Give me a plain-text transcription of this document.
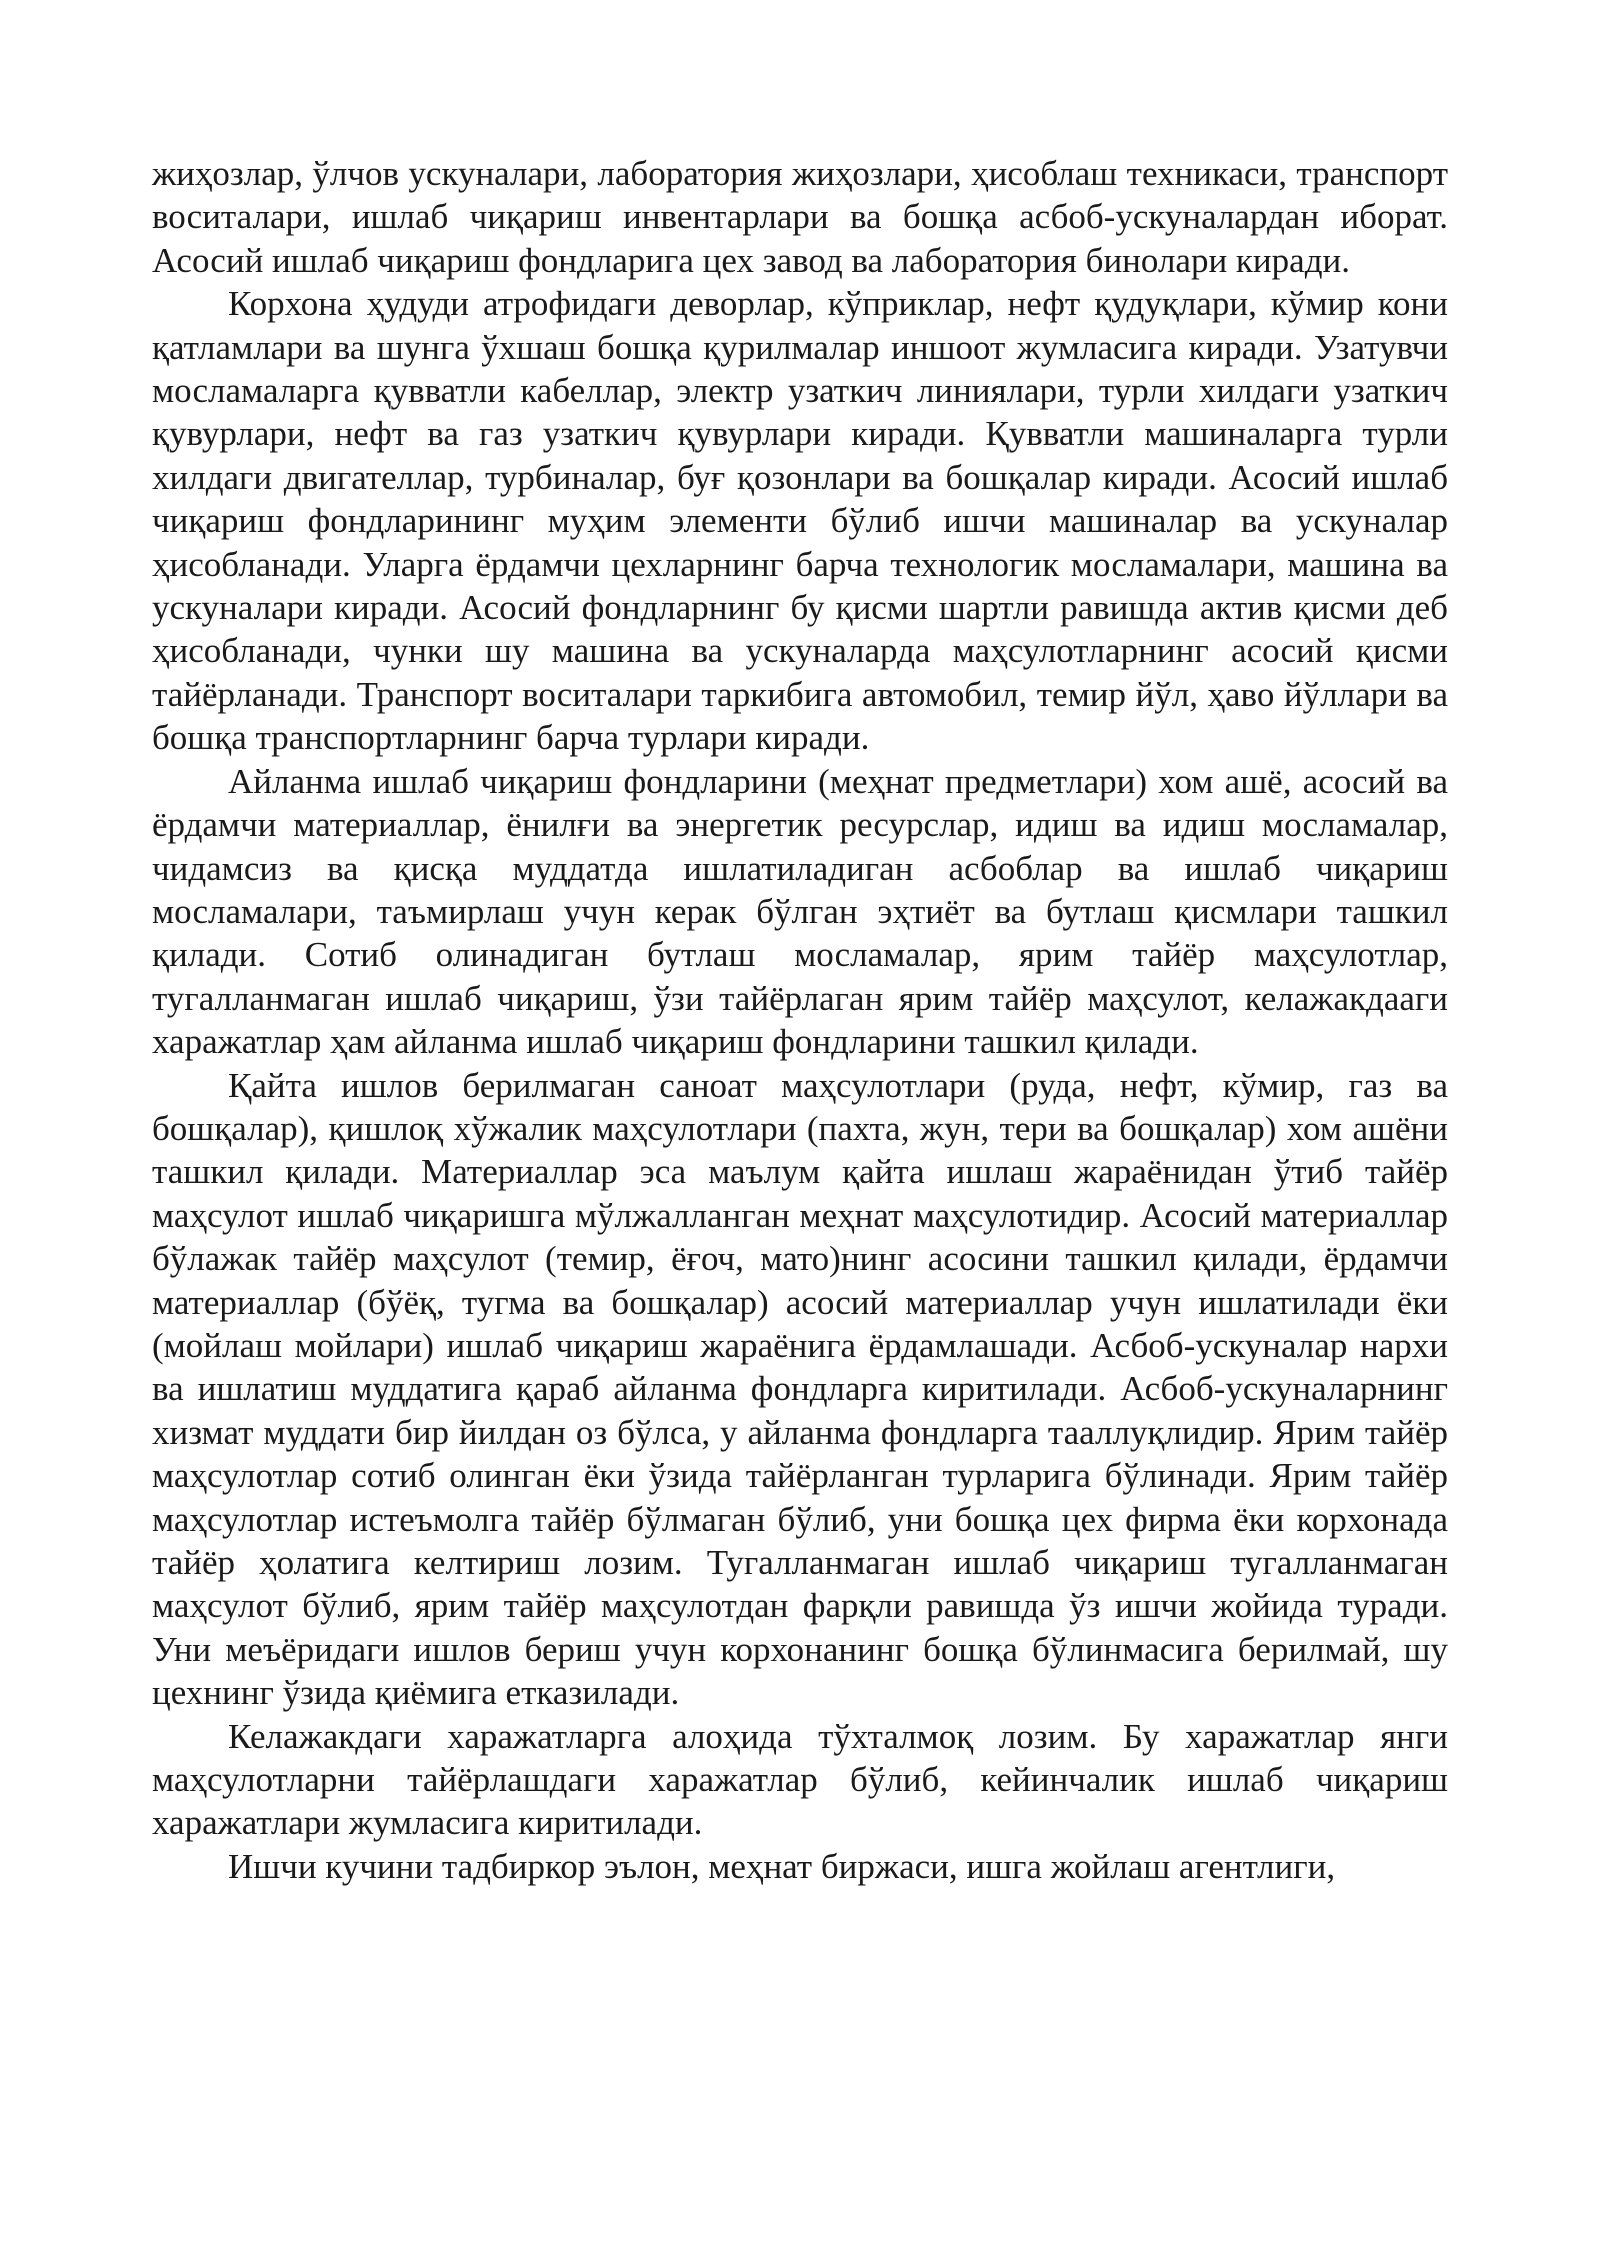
жиҳозлар, ўлчов ускуналари, лаборатория жиҳозлари, ҳисоблаш техникаси, транспорт воситалари, ишлаб чиқариш инвентарлари ва бошқа асбоб-ускуналардан иборат. Асосий ишлаб чиқариш фондларига цех завод ва лаборатория бинолари киради.

Корхона ҳудуди атрофидаги деворлар, кўприклар, нефт қудуқлари, кўмир кони қатламлари ва шунга ўхшаш бошқа қурилмалар иншоот жумласига киради. Узатувчи мосламаларга қувватли кабеллар, электр узаткич линиялари, турли хилдаги узаткич қувурлари, нефт ва газ узаткич қувурлари киради. Қувватли машиналарга турли хилдаги двигателлар, турбиналар, буғ қозонлари ва бошқалар киради. Асосий ишлаб чиқариш фондларининг муҳим элементи бўлиб ишчи машиналар ва ускуналар ҳисобланади. Уларга ёрдамчи цехларнинг барча технологик мосламалари, машина ва ускуналари киради. Асосий фондларнинг бу қисми шартли равишда актив қисми деб ҳисобланади, чунки шу машина ва ускуналарда маҳсулотларнинг асосий қисми тайёрланади. Транспорт воситалари таркибига автомобил, темир йўл, ҳаво йўллари ва бошқа транспортларнинг барча турлари киради.

Айланма ишлаб чиқариш фондларини (меҳнат предметлари) хом ашё, асосий ва ёрдамчи материаллар, ёнилғи ва энергетик ресурслар, идиш ва идиш мосламалар, чидамсиз ва қисқа муддатда ишлатиладиган асбоблар ва ишлаб чиқариш мосламалари, таъмирлаш учун керак бўлган эҳтиёт ва бутлаш қисмлари ташкил қилади. Сотиб олинадиган бутлаш мосламалар, ярим тайёр маҳсулотлар, тугалланмаган ишлаб чиқариш, ўзи тайёрлаган ярим тайёр маҳсулот, келажакдааги харажатлар ҳам айланма ишлаб чиқариш фондларини ташкил қилади.

Қайта ишлов берилмаган саноат маҳсулотлари (руда, нефт, кўмир, газ ва бошқалар), қишлоқ хўжалик маҳсулотлари (пахта, жун, тери ва бошқалар) хом ашёни ташкил қилади. Материаллар эса маълум қайта ишлаш жараёнидан ўтиб тайёр маҳсулот ишлаб чиқаришга мўлжалланган меҳнат маҳсулотидир. Асосий материаллар бўлажак тайёр маҳсулот (темир, ёғоч, мато)нинг асосини ташкил қилади, ёрдамчи материаллар (бўёқ, тугма ва бошқалар) асосий материаллар учун ишлатилади ёки (мойлаш мойлари) ишлаб чиқариш жараёнига ёрдамлашади. Асбоб-ускуналар нархи ва ишлатиш муддатига қараб айланма фондларга киритилади. Асбоб-ускуналарнинг хизмат муддати бир йилдан оз бўлса, у айланма фондларга тааллуқлидир. Ярим тайёр маҳсулотлар сотиб олинган ёки ўзида тайёрланган турларига бўлинади. Ярим тайёр маҳсулотлар истеъмолга тайёр бўлмаган бўлиб, уни бошқа цех фирма ёки корхонада тайёр ҳолатига келтириш лозим. Тугалланмаган ишлаб чиқариш тугалланмаган маҳсулот бўлиб, ярим тайёр маҳсулотдан фарқли равишда ўз ишчи жойида туради. Уни меъёридаги ишлов бериш учун корхонанинг бошқа бўлинмасига берилмай, шу цехнинг ўзида қиёмига етказилади.

Келажакдаги харажатларга алоҳида тўхталмоқ лозим. Бу харажатлар янги маҳсулотларни тайёрлашдаги харажатлар бўлиб, кейинчалик ишлаб чиқариш харажатлари жумласига киритилади.

Ишчи кучини тадбиркор эълон, меҳнат биржаси, ишга жойлаш агентлиги,
